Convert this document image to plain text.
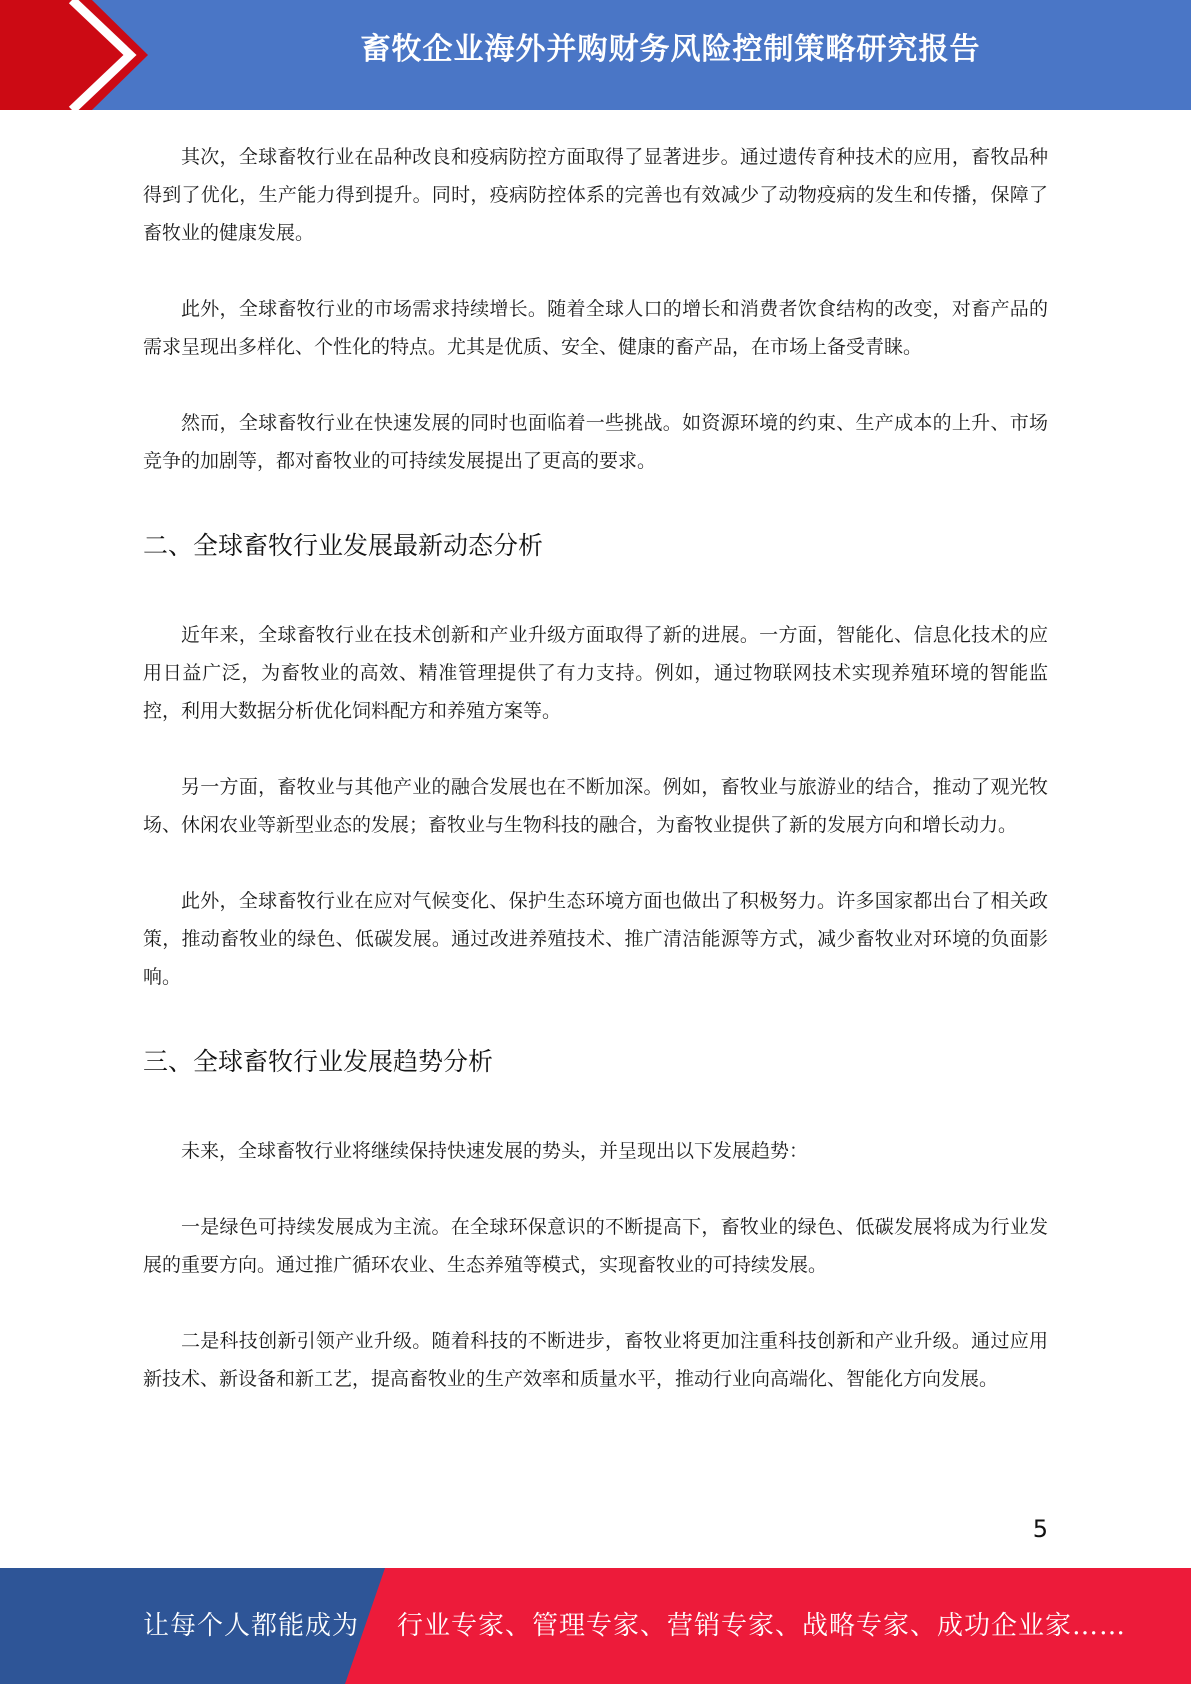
畜牧企业海外并购财务风险控制策略研究报告

其次，全球畜牧行业在品种改良和疫病防控方面取得了显著进步。通过遗传育种技术的应用，畜牧品种得到了优化，生产能力得到提升。同时，疫病防控体系的完善也有效减少了动物疫病的发生和传播，保障了畜牧业的健康发展。

此外，全球畜牧行业的市场需求持续增长。随着全球人口的增长和消费者饮食结构的改变，对畜产品的需求呈现出多样化、个性化的特点。尤其是优质、安全、健康的畜产品，在市场上备受青睐。

然而，全球畜牧行业在快速发展的同时也面临着一些挑战。如资源环境的约束、生产成本的上升、市场竞争的加剧等，都对畜牧业的可持续发展提出了更高的要求。

二、全球畜牧行业发展最新动态分析

近年来，全球畜牧行业在技术创新和产业升级方面取得了新的进展。一方面，智能化、信息化技术的应用日益广泛，为畜牧业的高效、精准管理提供了有力支持。例如，通过物联网技术实现养殖环境的智能监控，利用大数据分析优化饲料配方和养殖方案等。

另一方面，畜牧业与其他产业的融合发展也在不断加深。例如，畜牧业与旅游业的结合，推动了观光牧场、休闲农业等新型业态的发展；畜牧业与生物科技的融合，为畜牧业提供了新的发展方向和增长动力。

此外，全球畜牧行业在应对气候变化、保护生态环境方面也做出了积极努力。许多国家都出台了相关政策，推动畜牧业的绿色、低碳发展。通过改进养殖技术、推广清洁能源等方式，减少畜牧业对环境的负面影响。

三、全球畜牧行业发展趋势分析

未来，全球畜牧行业将继续保持快速发展的势头，并呈现出以下发展趋势：

一是绿色可持续发展成为主流。在全球环保意识的不断提高下，畜牧业的绿色、低碳发展将成为行业发展的重要方向。通过推广循环农业、生态养殖等模式，实现畜牧业的可持续发展。

二是科技创新引领产业升级。随着科技的不断进步，畜牧业将更加注重科技创新和产业升级。通过应用新技术、新设备和新工艺，提高畜牧业的生产效率和质量水平，推动行业向高端化、智能化方向发展。

5
让每个人都能成为 行业专家、管理专家、营销专家、战略专家、成功企业家……
